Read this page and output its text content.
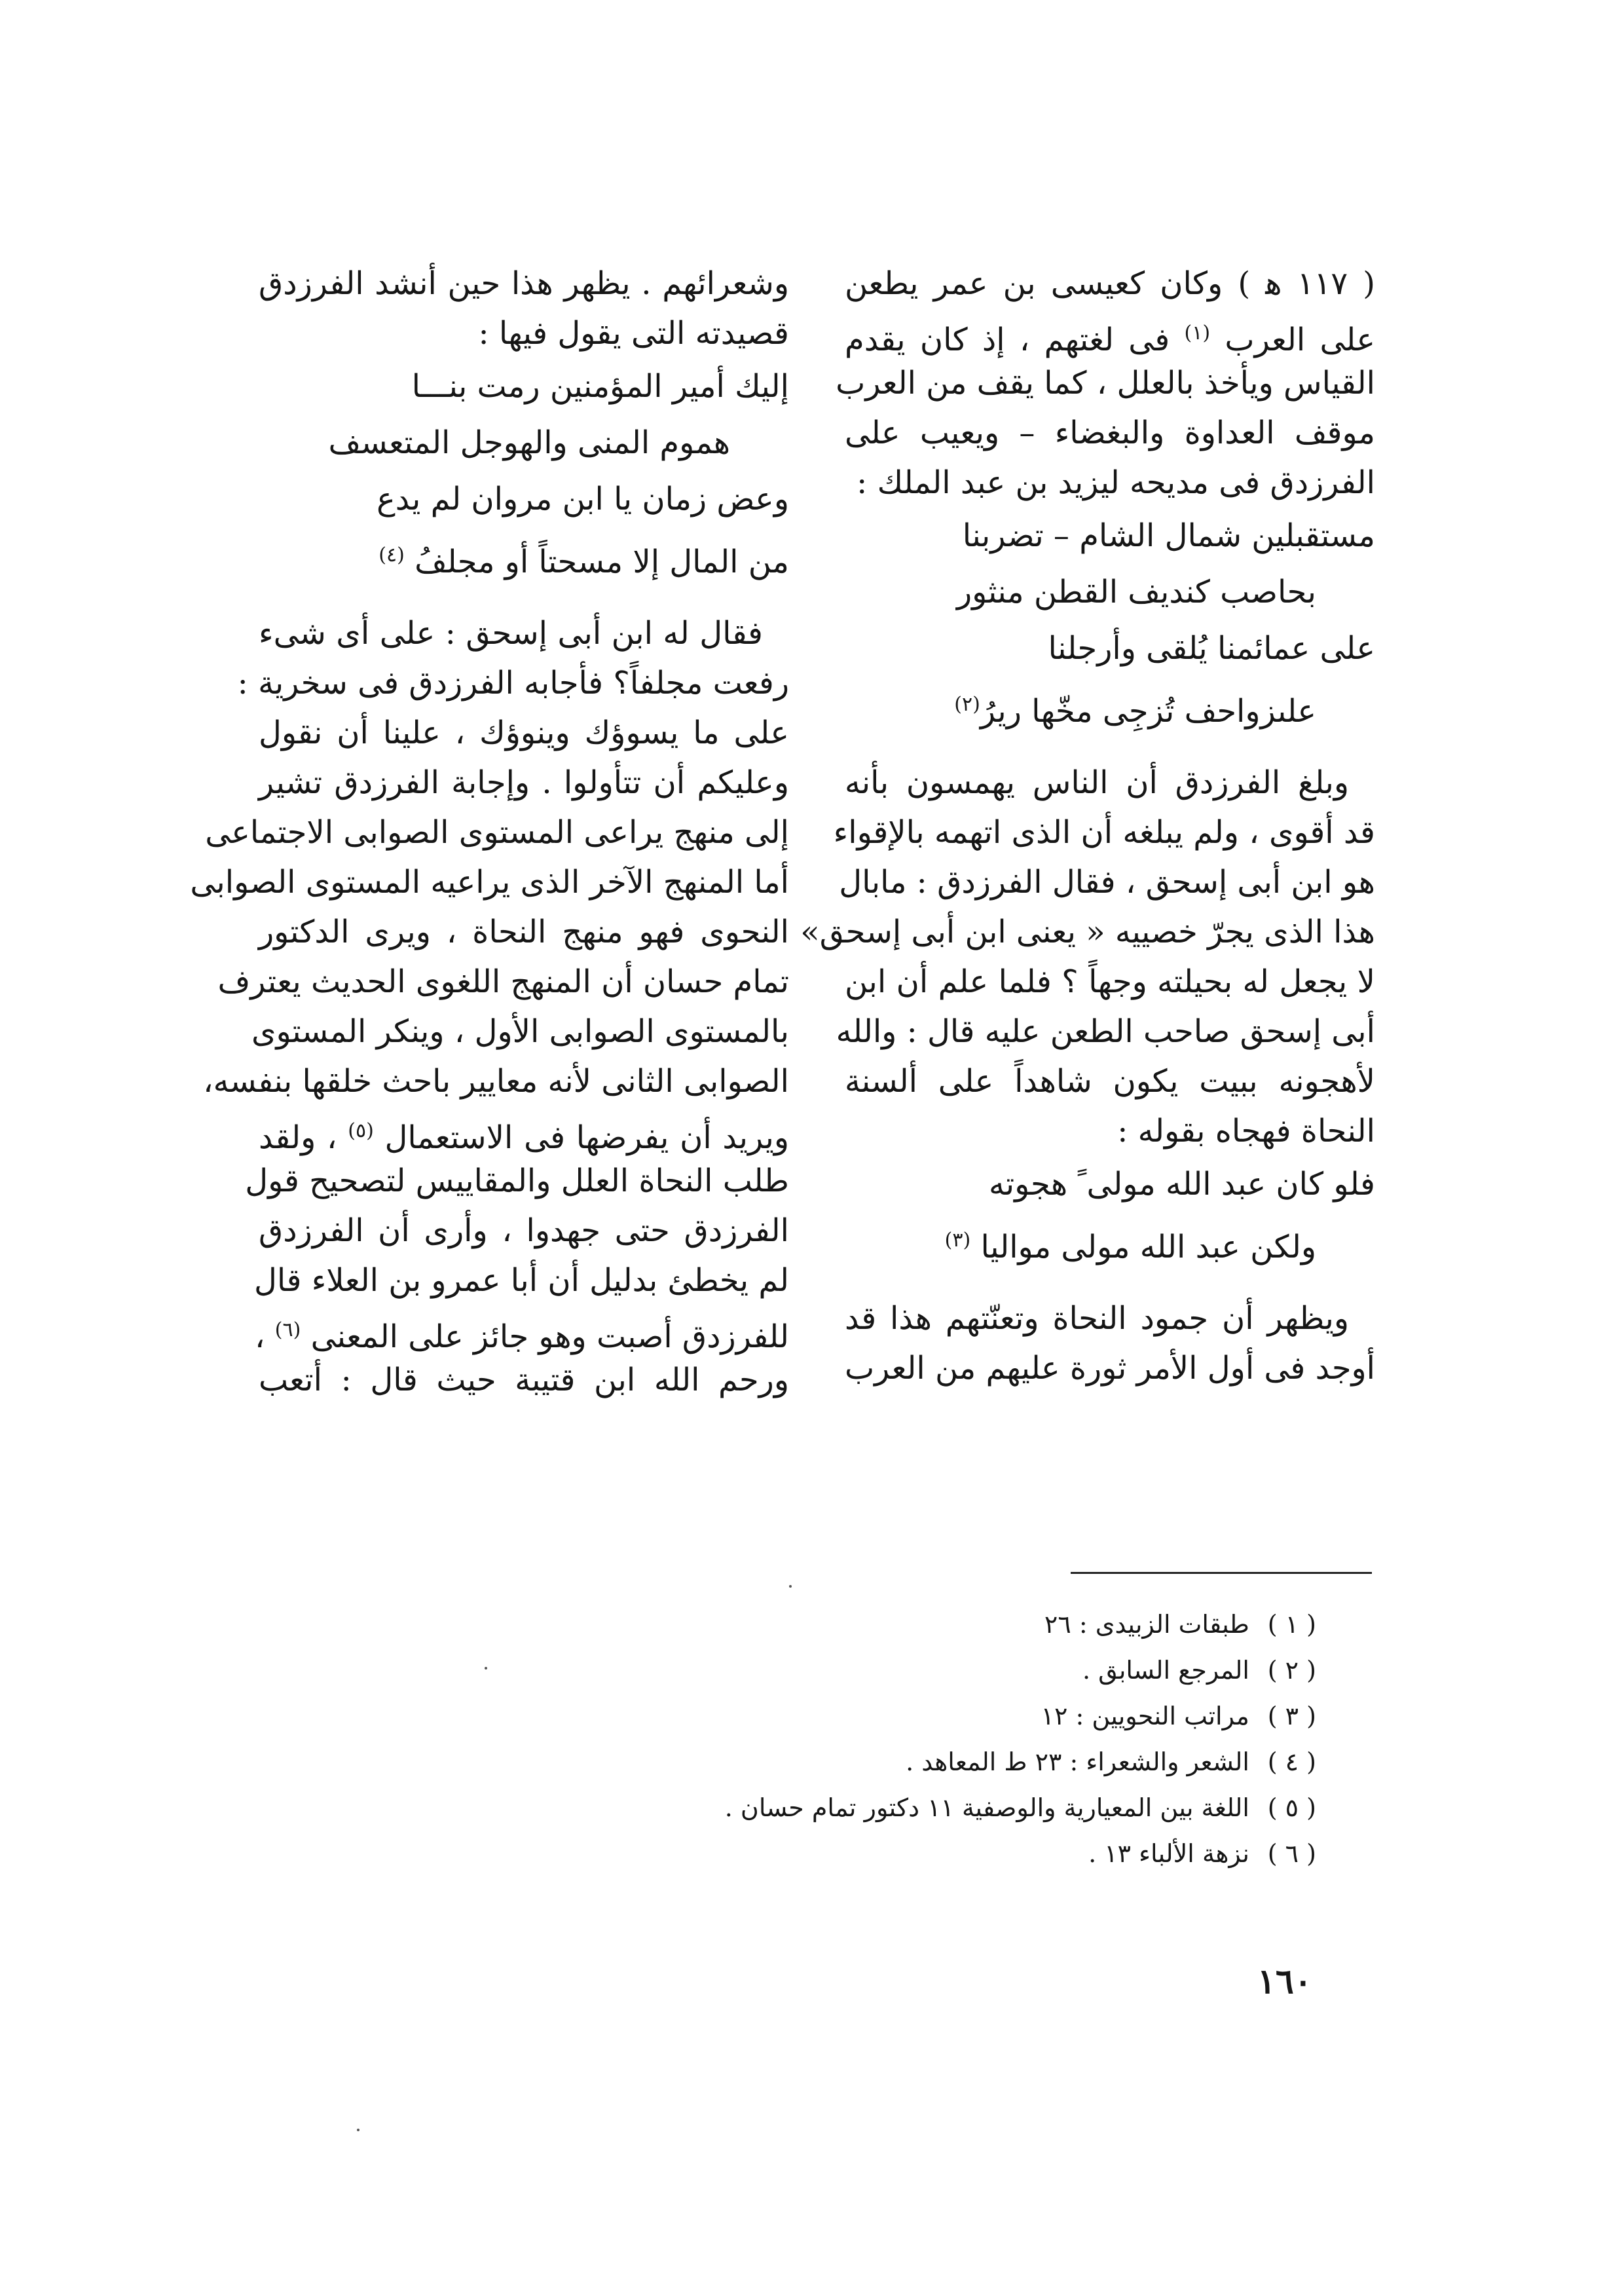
( ١١٧ ﻫ ) وكان كعيسى بن عمر يطعن
على العرب $^{(١)}$ فى لغتهم ، إذ كان يقدم
القياس ويأخذ بالعلل ، كما يقف من العرب
موقف العداوة والبغضاء – ويعيب على
الفرزدق فى مديحه ليزيد بن عبد الملك :
مستقبلين شمال الشام – تضربنا
بحاصب كنديف القطن منثور
على عمائمنا يُلقى وأرجلنا
علىزواحف تُزجِى مخّها ريرُ$^{(٢)}$
وبلغ الفرزدق أن الناس يهمسون بأنه
قد أقوى ، ولم يبلغه أن الذى اتهمه بالإقواء
هو ابن أبى إسحق ، فقال الفرزدق : مابال
هذا الذى يجرّ خصييه « يعنى ابن أبى إسحق»
لا يجعل له بحيلته وجهاً ؟ فلما علم أن ابن
أبى إسحق صاحب الطعن عليه قال : والله
لأهجونه ببيت يكون شاهداً على ألسنة
النحاة فهجاه بقوله :
فلو كان عبد الله مولى ً هجوته
ولكن عبد الله مولى مواليا $^{(٣)}$
ويظهر أن جمود النحاة وتعنّتهم هذا قد
أوجد فى أول الأمر ثورة عليهم من العرب
وشعرائهم . يظهر هذا حين أنشد الفرزدق
قصيدته التى يقول فيها :
إليك أمير المؤمنين رمت بنـــا
هموم المنى والهوجل المتعسف
وعض زمان يا ابن مروان لم يدع
من المال إلا مسحتاً أو مجلفُ $^{(٤)}$
فقال له ابن أبى إسحق : على أى شىء
رفعت مجلفاً؟ فأجابه الفرزدق فى سخرية :
على ما يسوؤك وينوؤك ، علينا أن نقول
وعليكم أن تتأولوا . وإجابة الفرزدق تشير
إلى منهج يراعى المستوى الصوابى الاجتماعى
أما المنهج الآخر الذى يراعيه المستوى الصوابى
النحوى فهو منهج النحاة ، ويرى الدكتور
تمام حسان أن المنهج اللغوى الحديث يعترف
بالمستوى الصوابى الأول ، وينكر المستوى
الصوابى الثانى لأنه معايير باحث خلقها بنفسه،
ويريد أن يفرضها فى الاستعمال $^{(٥)}$ ، ولقد
طلب النحاة العلل والمقاييس لتصحيح قول
الفرزدق حتى جهدوا ، وأرى أن الفرزدق
لم يخطئ بدليل أن أبا عمرو بن العلاء قال
للفرزدق أصبت وهو جائز على المعنى $^{(٦)}$ ،
ورحم الله ابن قتيبة حيث قال : أتعب
( ١ ) طبقات الزبيدى : ٢٦
( ٢ ) المرجع السابق .
( ٣ ) مراتب النحويين : ١٢
( ٤ ) الشعر والشعراء : ٢٣ ط المعاهد .
( ٥ ) اللغة بين المعيارية والوصفية ١١ دكتور تمام حسان .
( ٦ ) نزهة الألباء ١٣ .
١٦٠
